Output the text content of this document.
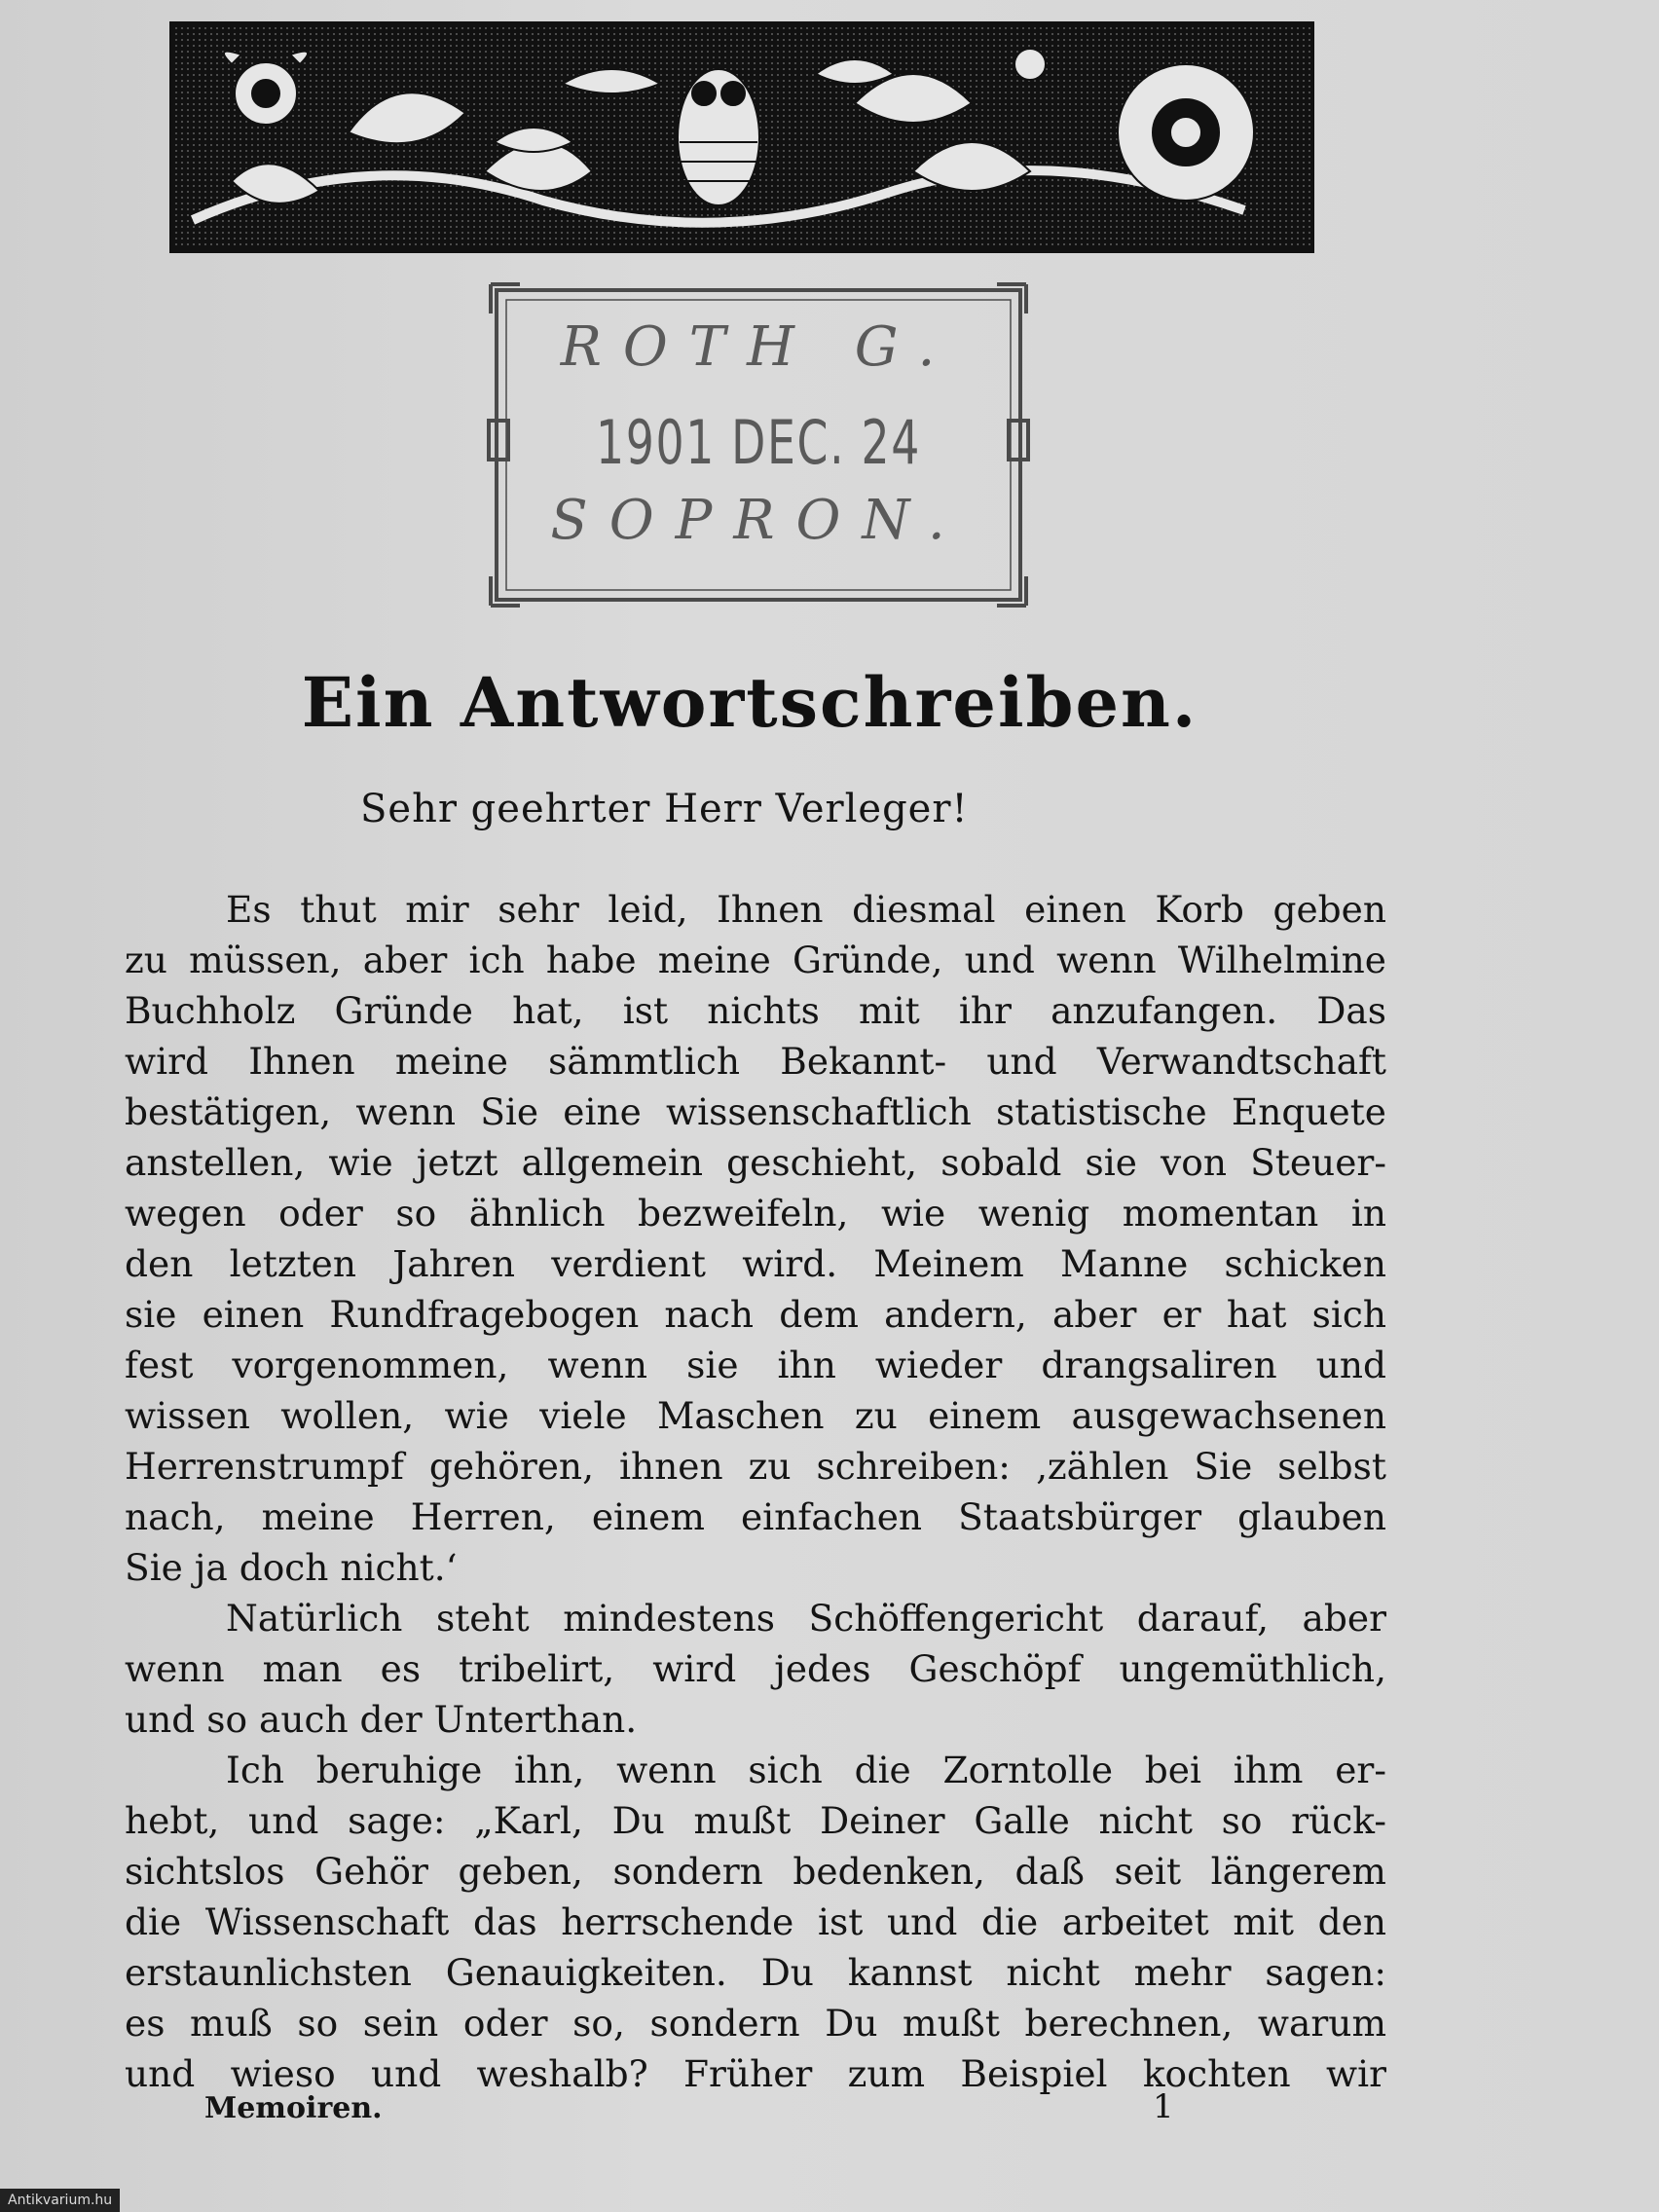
ROTH G.
1901 DEC. 24
SOPRON.
Ein Antwortschreiben.
Sehr geehrter Herr Verleger!
Es thut mir sehr leid, Ihnen diesmal einen Korb geben
zu müssen, aber ich habe meine Gründe, und wenn Wilhelmine
Buchholz Gründe hat, ist nichts mit ihr anzufangen. Das
wird Ihnen meine sämmtlich Bekannt- und Verwandtschaft
bestätigen, wenn Sie eine wissenschaftlich statistische Enquete
anstellen, wie jetzt allgemein geschieht, sobald sie von Steuer-
wegen oder so ähnlich bezweifeln, wie wenig momentan in
den letzten Jahren verdient wird. Meinem Manne schicken
sie einen Rundfragebogen nach dem andern, aber er hat sich
fest vorgenommen, wenn sie ihn wieder drangsaliren und
wissen wollen, wie viele Maschen zu einem ausgewachsenen
Herrenstrumpf gehören, ihnen zu schreiben: ‚zählen Sie selbst
nach, meine Herren, einem einfachen Staatsbürger glauben
Sie ja doch nicht.‘
Natürlich steht mindestens Schöffengericht darauf, aber
wenn man es tribelirt, wird jedes Geschöpf ungemüthlich,
und so auch der Unterthan.
Ich beruhige ihn, wenn sich die Zorntolle bei ihm er-
hebt, und sage: „Karl, Du mußt Deiner Galle nicht so rück-
sichtslos Gehör geben, sondern bedenken, daß seit längerem
die Wissenschaft das herrschende ist und die arbeitet mit den
erstaunlichsten Genauigkeiten. Du kannst nicht mehr sagen:
es muß so sein oder so, sondern Du mußt berechnen, warum
und wieso und weshalb? Früher zum Beispiel kochten wir
Memoiren.	1
Antikvarium.hu
